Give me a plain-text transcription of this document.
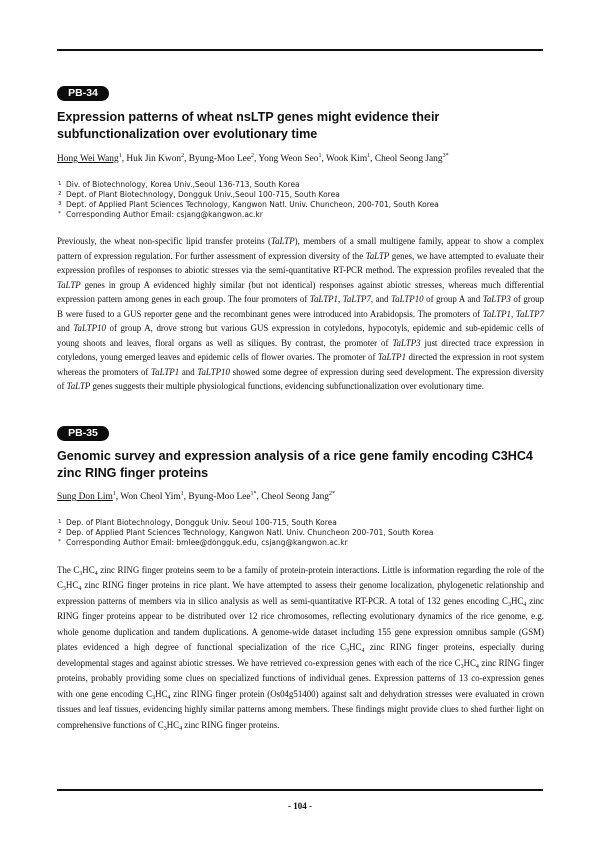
PB-34
Expression patterns of wheat nsLTP genes might evidence their subfunctionalization over evolutionary time
Hong Wei Wang$^1$, Huk Jin Kwon$^2$, Byung-Moo Lee$^2$, Yong Weon Seo$^1$, Wook Kim$^1$, Cheol Seong Jang$^{3*}$
1 Div. of Biotechnology, Korea Univ.,Seoul 136-713, South Korea
2 Dept. of Plant Biotechnology, Dongguk Univ.,Seoul 100-715, South Korea
3 Dept. of Applied Plant Sciences Technology, Kangwon Natl. Univ. Chuncheon, 200-701, South Korea
* Corresponding Author Email: csjang@kangwon.ac.kr

Previously, the wheat non-specific lipid transfer proteins (TaLTP), members of a small multigene family, appear to show a complex pattern of expression regulation. For further assessment of expression diversity of the TaLTP genes, we have attempted to evaluate their expression profiles of responses to abiotic stresses via the semi-quantitative RT-PCR method. The expression profiles revealed that the TaLTP genes in group A evidenced highly similar (but not identical) responses against abiotic stresses, whereas much differential expression pattern among genes in each group. The four promoters of TaLTP1, TaLTP7, and TaLTP10 of group A and TaLTP3 of group B were fused to a GUS reporter gene and the recombinant genes were introduced into Arabidopsis. The promoters of TaLTP1, TaLTP7 and TaLTP10 of group A, drove strong but various GUS expression in cotyledons, hypocotyls, epidemic and sub-epidemic cells of young shoots and leaves, floral organs as well as siliques. By contrast, the promoter of TaLTP3 just directed trace expression in cotyledons, young emerged leaves and epidemic cells of flower ovaries. The promoter of TaLTP1 directed the expression in root system whereas the promoters of TaLTP1 and TaLTP10 showed some degree of expression during seed development. The expression diversity of TaLTP genes suggests their multiple physiological functions, evidencing subfunctionalization over evolutionary time.

PB-35
Genomic survey and expression analysis of a rice gene family encoding C3HC4 zinc RING finger proteins
Sung Don Lim$^1$, Won Cheol Yim$^1$, Byung-Moo Lee$^{1*}$, Cheol Seong Jang$^{2*}$
1 Dep. of Plant Biotechnology, Dongguk Univ. Seoul 100-715, South Korea
2 Dep. of Applied Plant Sciences Technology, Kangwon Natl. Univ. Chuncheon 200-701, South Korea
* Corresponding Author Email: bmlee@dongguk.edu, csjang@kangwon.ac.kr

The $C_3HC_4$ zinc RING finger proteins seem to be a family of protein-protein interactions. Little is information regarding the role of the $C_3HC_4$ zinc RING finger proteins in rice plant. We have attempted to assess their genome localization, phylogenetic relationship and expression patterns of members via in silico analysis as well as semi-quantitative RT-PCR. A total of 132 genes encoding $C_3HC_4$ zinc RING finger proteins appear to be distributed over 12 rice chromosomes, reflecting evolutionary dynamics of the rice genome, e.g. whole genome duplication and tandem duplications. A genome-wide dataset including 155 gene expression omnibus sample (GSM) plates evidenced a high degree of functional specialization of the rice $C_3HC_4$ zinc RING finger proteins, especially during developmental stages and against abiotic stresses. We have retrieved co-expression genes with each of the rice $C_3HC_4$ zinc RING finger proteins, probably providing some clues on specialized functions of individual genes. Expression patterns of 13 co-expression genes with one gene encoding $C_3HC_4$ zinc RING finger protein (Os04g51400) against salt and dehydration stresses were evaluated in crown tissues and leaf tissues, evidencing highly similar patterns among members. These findings might provide clues to shed further light on comprehensive functions of $C_3HC_4$ zinc RING finger proteins.

- 104 -
